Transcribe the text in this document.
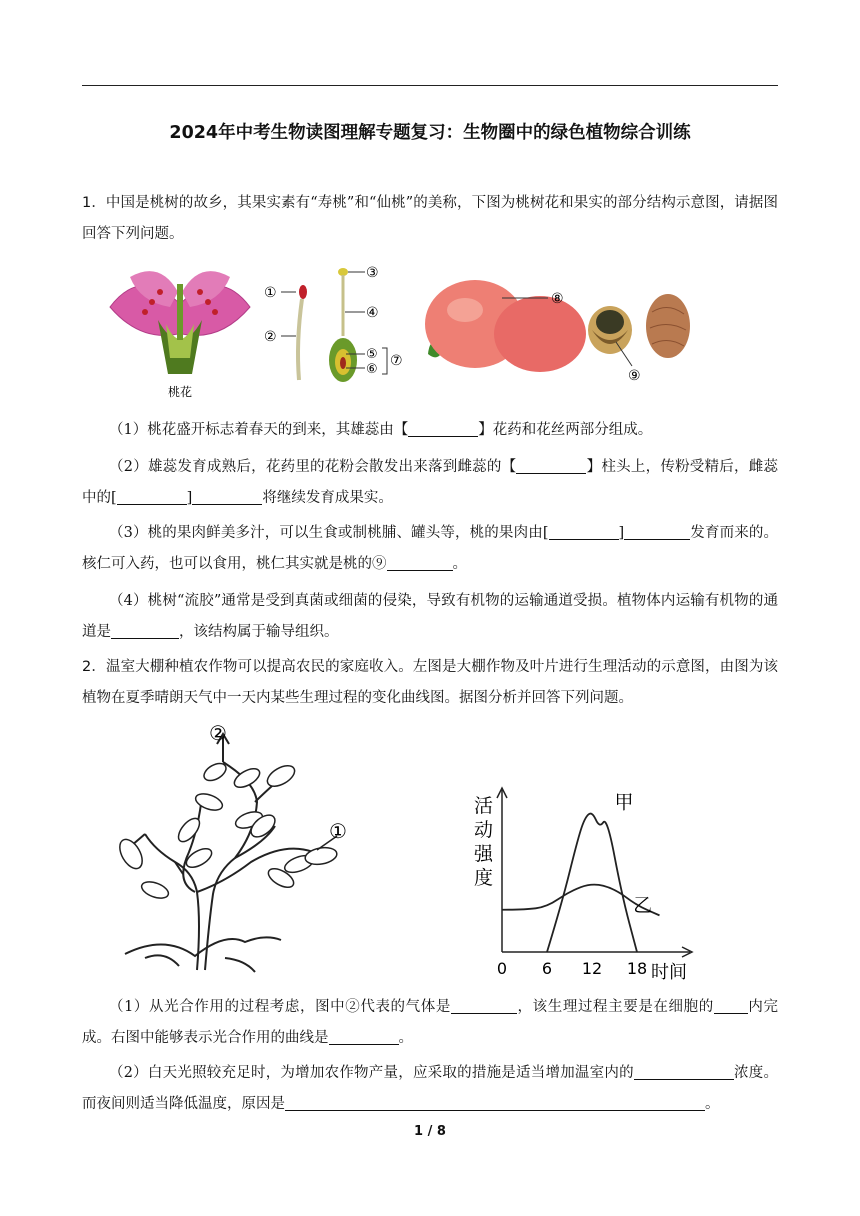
2024年中考生物读图理解专题复习：生物圈中的绿色植物综合训练
1．中国是桃树的故乡，其果实素有“寿桃”和“仙桃”的美称，下图为桃树花和果实的部分结构示意图，请据图回答下列问题。
桃花
①
②
③
④
⑤
⑥
⑦
⑧
⑨
（1）桃花盛开标志着春天的到来，其雄蕊由【	】花药和花丝两部分组成。
（2）雄蕊发育成熟后，花药里的花粉会散发出来落到雌蕊的【	】柱头上，传粉受精后，雌蕊中的[	]	将继续发育成果实。
（3）桃的果肉鲜美多汁，可以生食或制桃脯、罐头等，桃的果肉由[	]	发育而来的。核仁可入药，也可以食用，桃仁其实就是桃的⑨	。
（4）桃树“流胶”通常是受到真菌或细菌的侵染，导致有机物的运输通道受损。植物体内运输有机物的通道是	，该结构属于输导组织。
2．温室大棚种植农作物可以提高农民的家庭收入。左图是大棚作物及叶片进行生理活动的示意图，由图为该植物在夏季晴朗天气中一天内某些生理过程的变化曲线图。据图分析并回答下列问题。
②
①
活
动
强
度
0 6 12 18
甲
乙
时间
（1）从光合作用的过程考虑，图中②代表的气体是	，该生理过程主要是在细胞的 内完成。右图中能够表示光合作用的曲线是	。
（2）白天光照较充足时，为增加农作物产量，应采取的措施是适当增加温室内的	浓度。而夜间则适当降低温度，原因是	。
1 / 8
